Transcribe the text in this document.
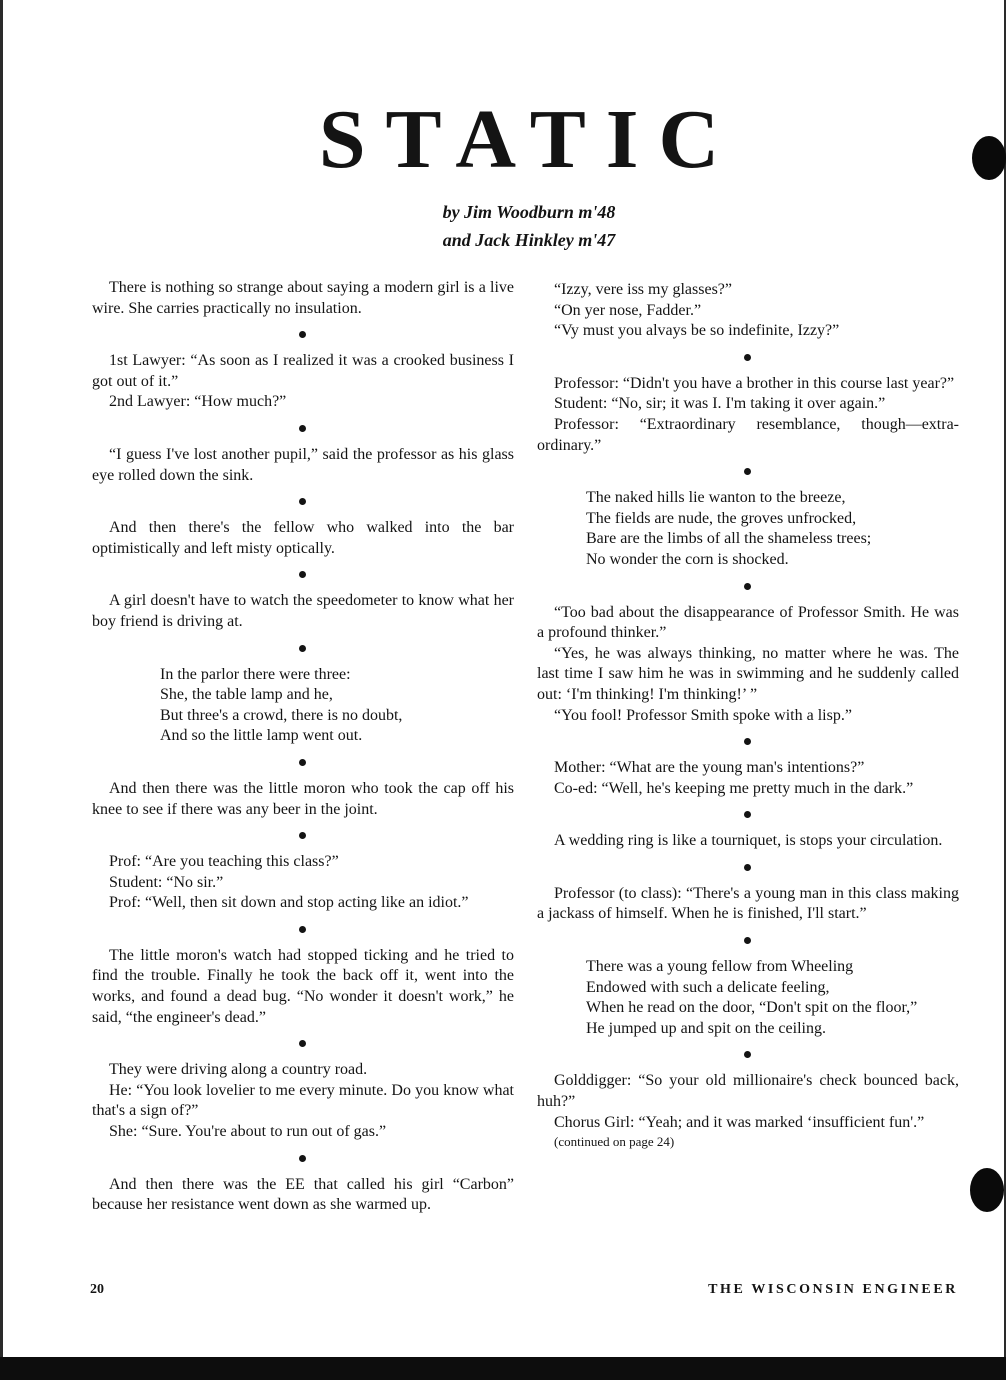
STATIC
by Jim Woodburn m'48
and Jack Hinkley m'47

There is nothing so strange about saying a modern girl is a live wire. She carries practically no insulation.

1st Lawyer: “As soon as I realized it was a crooked business I got out of it.”

2nd Lawyer: “How much?”

“I guess I've lost another pupil,” said the professor as his glass eye rolled down the sink.

And then there's the fellow who walked into the bar optimistically and left misty optically.

A girl doesn't have to watch the speedometer to know what her boy friend is driving at.

In the parlor there were three:
She, the table lamp and he,
But three's a crowd, there is no doubt,
And so the little lamp went out.

And then there was the little moron who took the cap off his knee to see if there was any beer in the joint.

Prof: “Are you teaching this class?”

Student: “No sir.”

Prof: “Well, then sit down and stop acting like an idiot.”

The little moron's watch had stopped ticking and he tried to find the trouble. Finally he took the back off it, went into the works, and found a dead bug. “No wonder it doesn't work,” he said, “the engineer's dead.”

They were driving along a country road.

He: “You look lovelier to me every minute. Do you know what that's a sign of?”

She: “Sure. You're about to run out of gas.”

And then there was the EE that called his girl “Carbon” because her resistance went down as she warmed up.

“Izzy, vere iss my glasses?”

“On yer nose, Fadder.”

“Vy must you alvays be so indefinite, Izzy?”

Professor: “Didn't you have a brother in this course last year?”

Student: “No, sir; it was I. I'm taking it over again.”

Professor: “Extraordinary resemblance, though—extra-ordinary.”

The naked hills lie wanton to the breeze,
The fields are nude, the groves unfrocked,
Bare are the limbs of all the shameless trees;
No wonder the corn is shocked.

“Too bad about the disappearance of Professor Smith. He was a profound thinker.”

“Yes, he was always thinking, no matter where he was. The last time I saw him he was in swimming and he suddenly called out: ‘I'm thinking! I'm thinking!’ ”

“You fool! Professor Smith spoke with a lisp.”

Mother: “What are the young man's intentions?”

Co-ed: “Well, he's keeping me pretty much in the dark.”

A wedding ring is like a tourniquet, is stops your circulation.

Professor (to class): “There's a young man in this class making a jackass of himself. When he is finished, I'll start.”

There was a young fellow from Wheeling
Endowed with such a delicate feeling,
When he read on the door, “Don't spit on the floor,”
He jumped up and spit on the ceiling.

Golddigger: “So your old millionaire's check bounced back, huh?”

Chorus Girl: “Yeah; and it was marked ‘insufficient fun'.”

(continued on page 24)

20	THE WISCONSIN ENGINEER
